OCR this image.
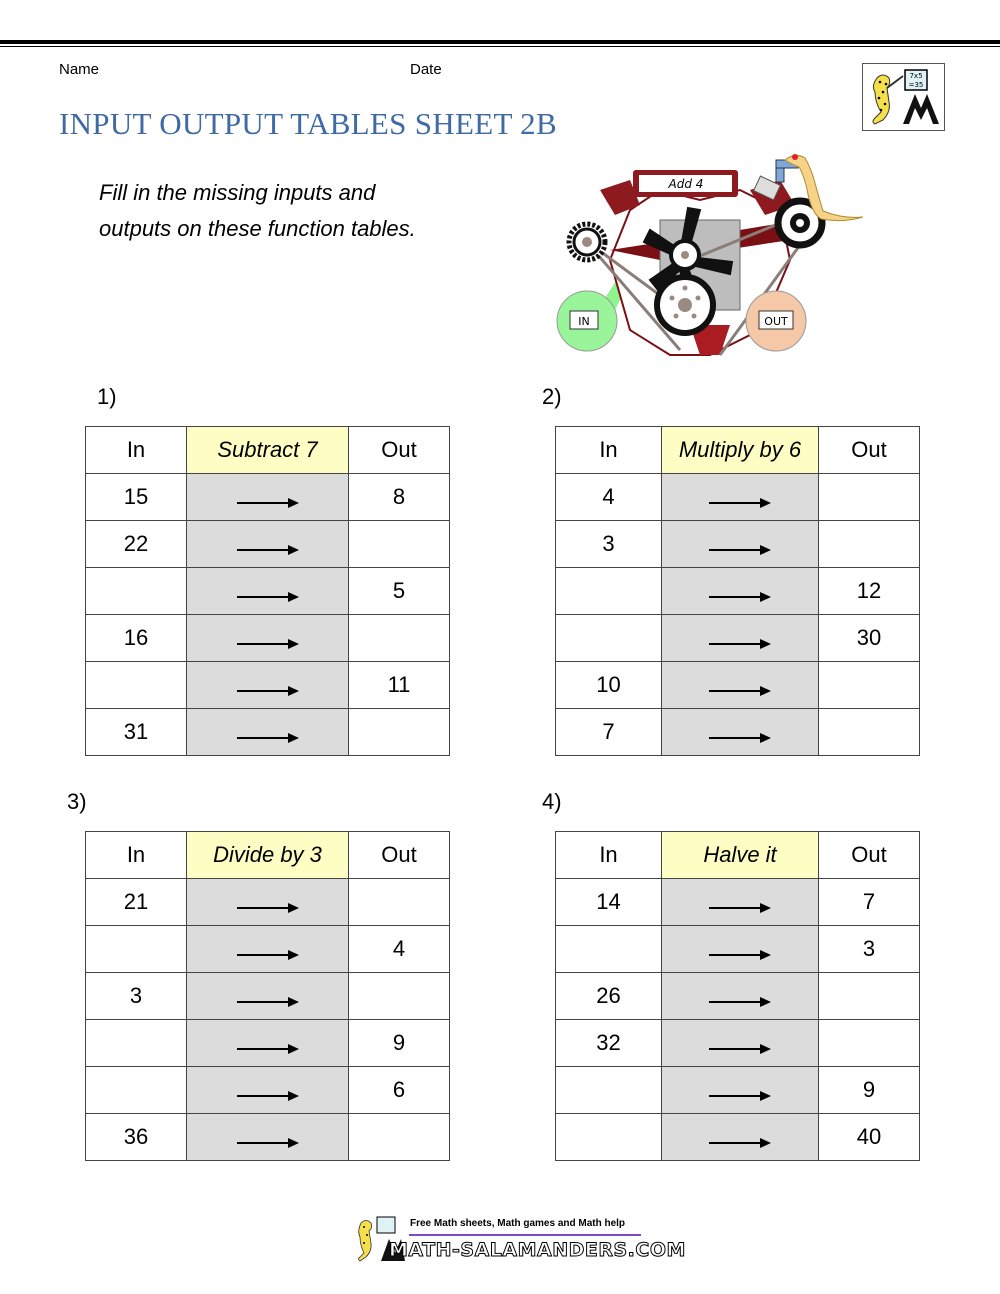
Name	Date
INPUT OUTPUT TABLES SHEET 2B
7x5
=35
Fill in the missing inputs and
outputs on these function tables.
Add 4
IN	OUT
1)	2)
3)	4)
In	Subtract 7	Out
15		8
22		
		5
16		
		11
31		
In	Multiply by 6	Out
4		
3		
		12
		30
10		
7		
In	Divide by 3	Out
21		
		4
3		
		9
		6
36		
In	Halve it	Out
14		7
		3
26		
32		
		9
		40
Free Math sheets, Math games and Math help
MATH-SALAMANDERS.COM
